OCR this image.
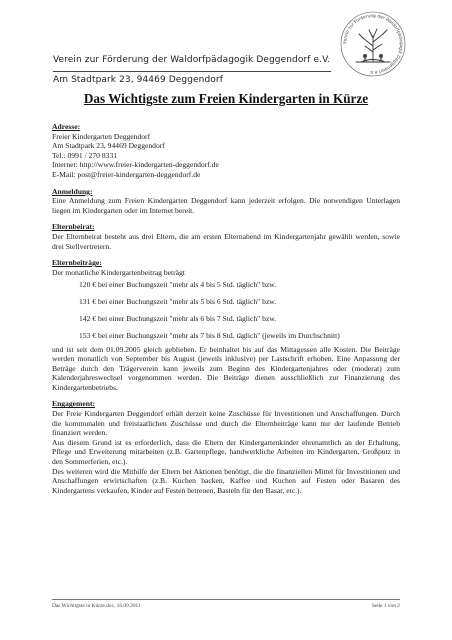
Verein zur Förderung der Waldorfpädagogik Deggendorf e.V.

Am Stadtpark 23, 94469 Deggendorf

Verein zur Förderung der Waldorfpädagogik Deggendorf e.V.
Das Wichtigste zum Freien Kindergarten in Kürze

Adresse:

Freier Kindergarten Deggendorf

Am Stadtpark 23, 94469 Deggendorf

Tel.: 0991 / 270 8331

Internet: http://www.freier-kindergarten-deggendorf.de

E-Mail: post@freier-kindergarten-deggendorf.de

Anmeldung:

Eine Anmeldung zum Freien Kindergarten Deggendorf kann jederzeit erfolgen. Die notwendigen Unterlagen liegen im Kindergarten oder im Internet bereit.

Elternbeirat:

Der Elternbeirat besteht aus drei Eltern, die am ersten Elternabend im Kindergartenjahr gewählt werden, sowie drei Stellvertretern.

Elternbeiträge:

Der monatliche Kindergartenbeitrag beträgt

120 € bei einer Buchungszeit "mehr als 4 bis 5 Std. täglich" bzw.

131 € bei einer Buchungszeit "mehr als 5 bis 6 Std. täglich" bzw.

142 € bei einer Buchungszeit "mehr als 6 bis 7 Std. täglich" bzw.

153 € bei einer Buchungszeit "mehr als 7 bis 8 Std. täglich" (jeweils im Durchschnitt)

und ist seit dem 01.09.2005 gleich geblieben. Er beinhaltet bis auf das Mittagessen alle Kosten. Die Beiträge werden monatlich von September bis August (jeweils inklusive) per Lastschrift erhoben. Eine Anpassung der Beträge durch den Trägerverein kann jeweils zum Beginn des Kindergartenjahres oder (moderat) zum Kalenderjahreswechsel vorgenommen werden. Die Beiträge dienen ausschließlich zur Finanzierung des Kindergartenbetriebs.

Engagement:

Der Freie Kindergarten Deggendorf erhält derzeit keine Zuschüsse für Investitionen und Anschaffungen. Durch die kommunalen und freistaatlichen Zuschüsse und durch die Elternbeiträge kann nur der laufende Betrieb finanziert werden.

Aus diesem Grund ist es erforderlich, dass die Eltern der Kindergartenkinder ehrenamtlich an der Erhaltung, Pflege und Erweiterung mitarbeiten (z.B. Gartenpflege, handwerkliche Arbeiten im Kindergarten, Großputz in den Sommerferien, etc.).

Des weiteren wird die Mithilfe der Eltern bei Aktionen benötigt, die die finanziellen Mittel für Investitionen und Anschaffungen erwirtschaften (z.B. Kuchen backen, Kaffee und Kuchen auf Festen oder Basaren des Kindergartens verkaufen, Kinder auf Festen betreuen, Basteln für den Basar, etc.).

Das Wichtigste in Kürze.doc, 16.09.2011	Seite 1 von 2
